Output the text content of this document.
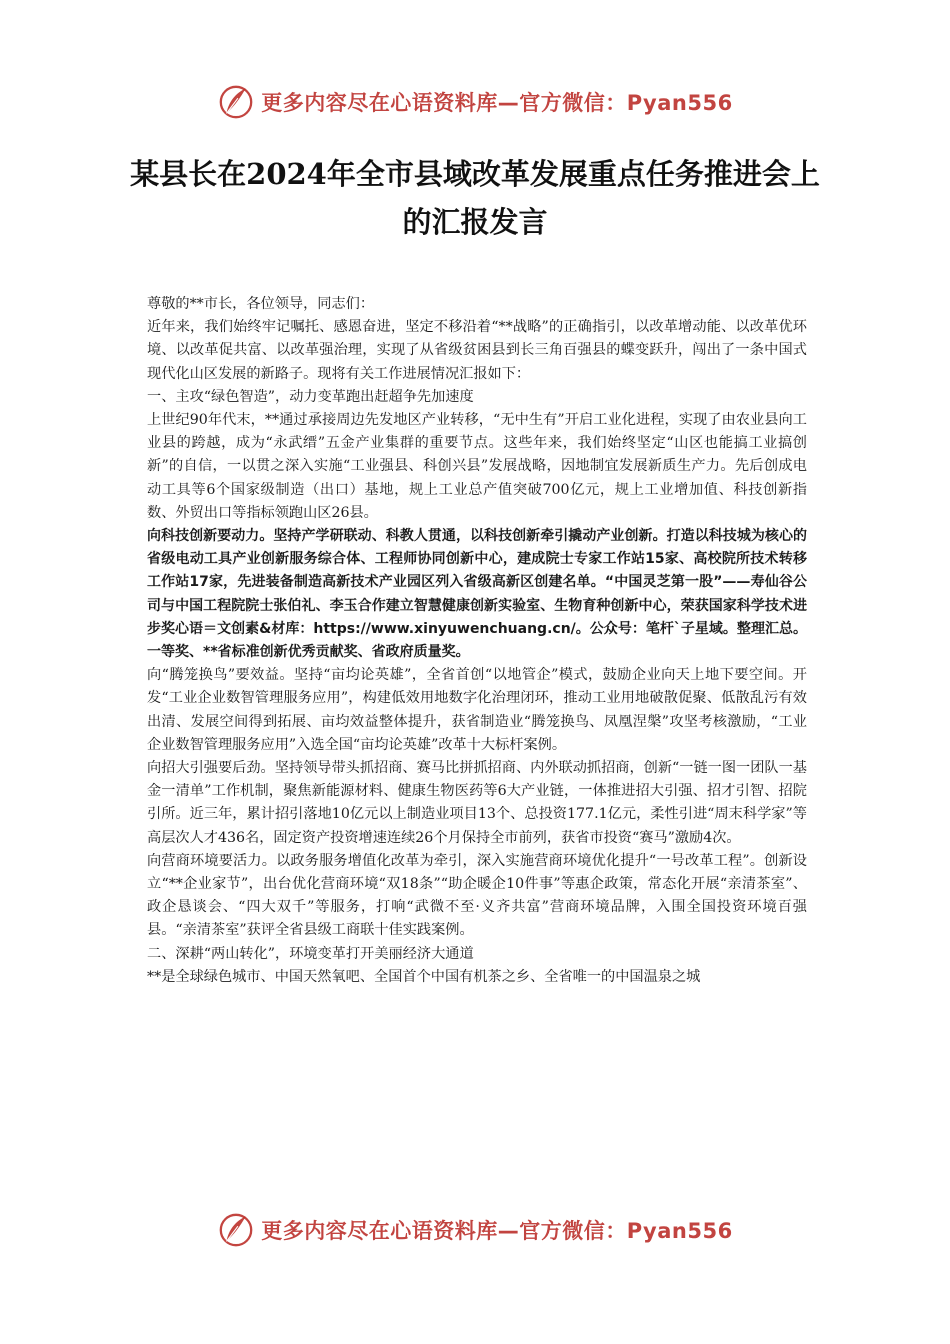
更多内容尽在心语资料库—官方微信：Pyan556
某县长在2024年全市县域改革发展重点任务推进会上的汇报发言

尊敬的**市长，各位领导，同志们：

近年来，我们始终牢记嘱托、感恩奋进，坚定不移沿着“**战略”的正确指引，以改革增动能、以改革优环境、以改革促共富、以改革强治理，实现了从省级贫困县到长三角百强县的蝶变跃升，闯出了一条中国式现代化山区发展的新路子。现将有关工作进展情况汇报如下：

一、主攻“绿色智造”，动力变革跑出赶超争先加速度

上世纪90年代末，**通过承接周边先发地区产业转移，“无中生有”开启工业化进程，实现了由农业县向工业县的跨越，成为“永武缙”五金产业集群的重要节点。这些年来，我们始终坚定“山区也能搞工业搞创新”的自信，一以贯之深入实施“工业强县、科创兴县”发展战略，因地制宜发展新质生产力。先后创成电动工具等6个国家级制造（出口）基地，规上工业总产值突破700亿元，规上工业增加值、科技创新指数、外贸出口等指标领跑山区26县。

向科技创新要动力。坚持产学研联动、科教人贯通，以科技创新牵引撬动产业创新。打造以科技城为核心的省级电动工具产业创新服务综合体、工程师协同创新中心，建成院士专家工作站15家、高校院所技术转移工作站17家，先进装备制造高新技术产业园区列入省级高新区创建名单。“中国灵芝第一股”——寿仙谷公司与中国工程院院士张伯礼、李玉合作建立智慧健康创新实验室、生物育种创新中心，荣获国家科学技术进步奖心语＝文创素&材库：https://www.xinyuwenchuang.cn/。公众号：笔杆`子星域。整理汇总。一等奖、**省标准创新优秀贡献奖、省政府质量奖。

向“腾笼换鸟”要效益。坚持“亩均论英雄”，全省首创“以地管企”模式，鼓励企业向天上地下要空间。开发“工业企业数智管理服务应用”，构建低效用地数字化治理闭环，推动工业用地破散促聚、低散乱污有效出清、发展空间得到拓展、亩均效益整体提升，获省制造业“腾笼换鸟、凤凰涅槃”攻坚考核激励，“工业企业数智管理服务应用”入选全国“亩均论英雄”改革十大标杆案例。

向招大引强要后劲。坚持领导带头抓招商、赛马比拼抓招商、内外联动抓招商，创新“一链一图一团队一基金一清单”工作机制，聚焦新能源材料、健康生物医药等6大产业链，一体推进招大引强、招才引智、招院引所。近三年，累计招引落地10亿元以上制造业项目13个、总投资177.1亿元，柔性引进“周末科学家”等高层次人才436名，固定资产投资增速连续26个月保持全市前列，获省市投资“赛马”激励4次。

向营商环境要活力。以政务服务增值化改革为牵引，深入实施营商环境优化提升“一号改革工程”。创新设立“**企业家节”，出台优化营商环境“双18条”“助企暖企10件事”等惠企政策，常态化开展“亲清茶室”、政企恳谈会、“四大双千”等服务，打响“武微不至·义齐共富”营商环境品牌，入围全国投资环境百强县。“亲清茶室”获评全省县级工商联十佳实践案例。

二、深耕“两山转化”，环境变革打开美丽经济大通道

**是全球绿色城市、中国天然氧吧、全国首个中国有机茶之乡、全省唯一的中国温泉之城

更多内容尽在心语资料库—官方微信：Pyan556
